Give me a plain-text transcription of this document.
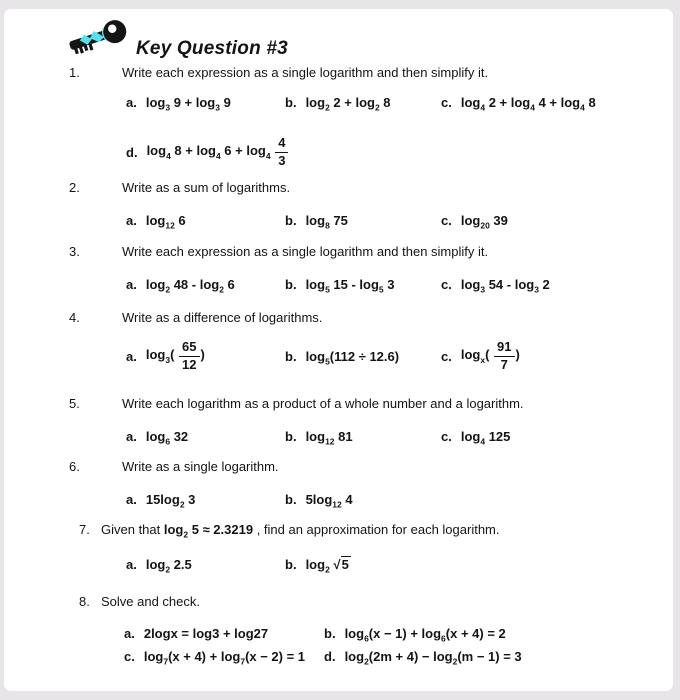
Key Question #3
1.	Write each expression as a single logarithm and then simplify it.
a. $\log_3 9 + \log_3 9$	b. $\log_2 2 + \log_2 8$	c. $\log_4 2 + \log_4 4 + \log_4 8$
d. $\log_4 8 + \log_4 6 + \log_4 \frac{4}{3}$
2.	Write as a sum of logarithms.
a. $\log_{12} 6$	b. $\log_8 75$	c. $\log_{20} 39$
3.	Write each expression as a single logarithm and then simplify it.
a. $\log_2 48 - \log_2 6$	b. $\log_5 15 - \log_5 3$	c. $\log_3 54 - \log_3 2$
4.	Write as a difference of logarithms.
a. $\log_3( \frac{65}{12}$ )	b. $\log_5(112 \div 12.6)$	c. $\log_x( \frac{91}{7}$ )
5.	Write each logarithm as a product of a whole number and a logarithm.
a. $\log_6 32$	b. $\log_{12} 81$	c. $\log_4 125$
6.	Write as a single logarithm.
a. $15\log_2$ 3	b. $5\log_{12}$ 4
7. Given that $\log_2 5 \approx 2.3219$ , find an approximation for each logarithm.
a. $\log_2 2.5$	b. $\log_2 √5$
8. Solve and check.
a. 2logx = log3 + log27	b. $\log_6(x - 1) + \log_6(x + 4) = 2$
c. $\log_7(x + 4) + \log_7(x - 2) = 1$ d. $\log_2(2m + 4) - \log_2(m - 1) = 3$
